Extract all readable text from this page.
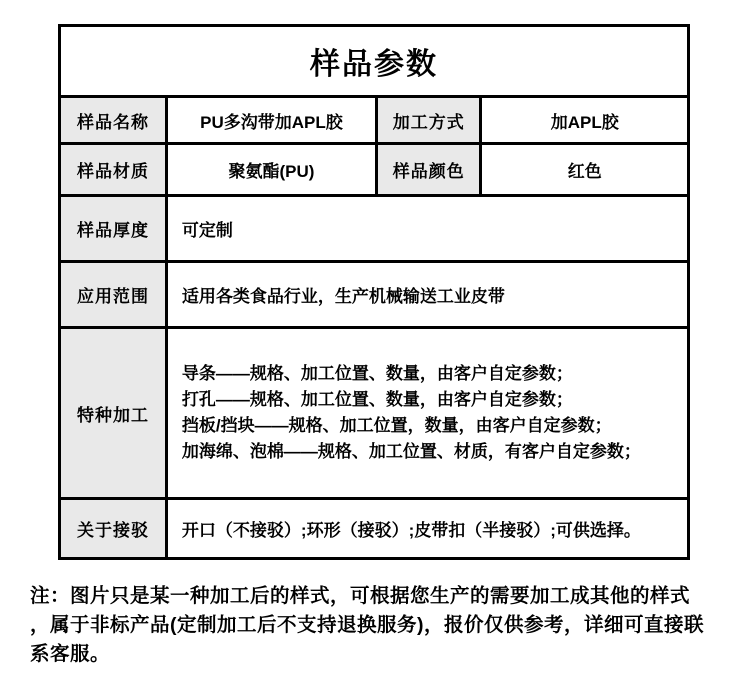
样品参数			
样品名称	PU多沟带加APL胶	加工方式	加APL胶
样品材质	聚氨酯(PU)	样品颜色	红色
样品厚度	可定制		
应用范围	适用各类食品行业，生产机械输送工业皮带		
特种加工	导条——规格、加工位置、数量，由客户自定参数；
打孔——规格、加工位置、数量，由客户自定参数；
挡板/挡块——规格、加工位置，数量，由客户自定参数；
加海绵、泡棉——规格、加工位置、材质，有客户自定参数；		

关于接驳	开口（不接驳）;环形（接驳）;皮带扣（半接驳）;可供选择。		

注：图片只是某一种加工后的样式，可根据您生产的需要加工成其他的样式，属于非标产品(定制加工后不支持退换服务)，报价仅供参考，详细可直接联系客服。
